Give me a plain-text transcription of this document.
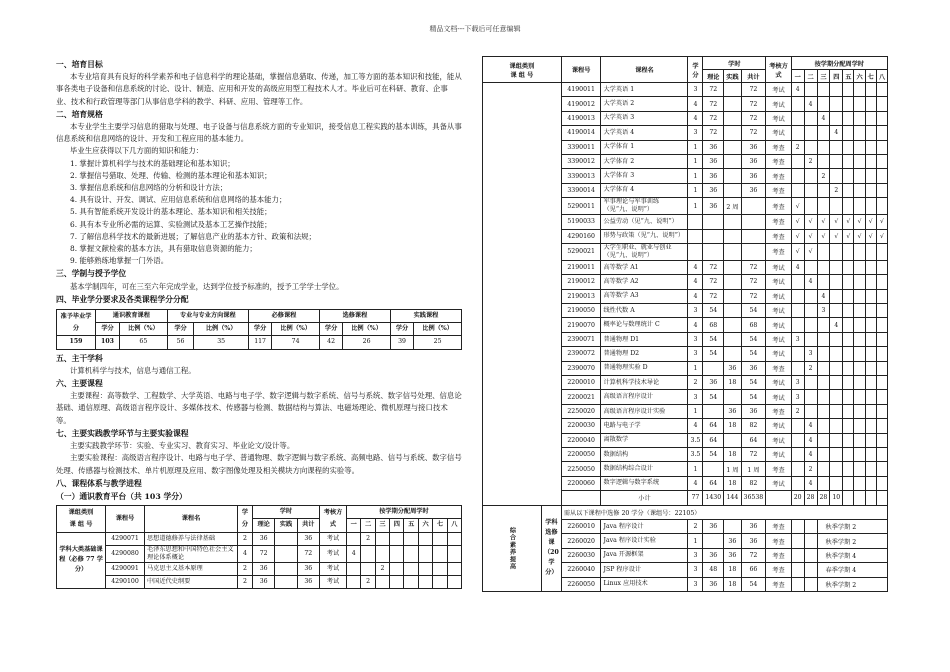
精品文档---下载后可任意编辑
一、培育目标

本专业培育具有良好的科学素养和电子信息科学的理论基础，掌握信息猎取、传递，加工等方面的基本知识和技能，能从事各类电子设备和信息系统的讨论、设计、制造、应用和开发的高级应用型工程技术人才。毕业后可在科研、教育、企事业、技术和行政管理等部门从事信息学科的教学、科研、应用、管理等工作。

二、培育规格

本专业学生主要学习信息的猎取与处理、电子设备与信息系统方面的专业知识，接受信息工程实践的基本训练，具备从事信息系统和信息网络的设计、开发和工程应用的基本能力。

毕业生应获得以下几方面的知识和能力：

1. 掌握计算机科学与技术的基础理论和基本知识；
2. 掌握信号猎取、处理、传输、检测的基本理论和基本知识；
3. 掌握信息系统和信息网络的分析和设计方法；
4. 具有设计、开发、调试、应用信息系统和信息网络的基本能力；
5. 具有智能系统开发设计的基本理论、基本知识和相关技能；
6. 具有本专业所必需的运算、实验测试及基本工艺操作技能；
7. 了解信息科学技术的最新进展；了解信息产业的基本方针、政策和法规；
8. 掌握文献检索的基本方法，具有猎取信息资源的能力；
9. 能够熟练地掌握一门外语。
三、学制与授予学位

基本学制四年，可在三至六年完成学业，达到学位授予标准的，授予工学学士学位。

四、毕业学分要求及各类课程学分分配
准予毕业学分	通识教育课程		专业与专业方向课程		必修课程		选修课程		实践课程	
	学分	比例（%）	学分	比例（%）	学分	比例（%）	学分	比例（%）	学分	比例（%）
159	103	65	56	35	117	74	42	26	39	25
五、主干学科

计算机科学与技术，信息与通信工程。

六、主要课程

主要课程：高等数学、工程数学、大学英语、电路与电子学、数字逻辑与数字系统、信号与系统、数字信号处理、信息论基础、通信原理、高级语言程序设计、多媒体技术、传感器与检测、数据结构与算法、电磁场理论、微机原理与接口技术等。

七、主要实践教学环节与主要实验课程

主要实践教学环节：实验、专业实习、教育实习、毕业论文/设计等。

主要实验课程：高级语言程序设计、电路与电子学、普通物理、数字逻辑与数字系统、高频电路、信号与系统、数字信号处理、传感器与检测技术、单片机原理及应用、数字图像处理及相关模块方向课程的实验等。

八、课程体系与教学进程
（一）通识教育平台（共 103 学分）
课组类别
课 组 号	课程号	课程名	学分	学时			考核方式	按学期分配周学时							
				理论	实践	共计		一	二	三	四	五	六	七	八
学科大类基础课程（必修 77 学分）	4290071	思想道德修养与法律基础	2	36		36	考试		2						
	4290080	毛泽东思想和中国特色社会主义理论体系概论	4	72		72	考试	4							
	4290091	马克思主义基本原理	2	36		36	考试			2					
	4290100	中国近代史纲要	2	36		36	考试		2						
课组类别
课 组 号		课程号	课程名	学分	学时			考核方式	按学期分配周学时							
					理论	实践	共计		一	二	三	四	五	六	七	八
		4190011	大学英语 1	3	72		72	考试	4							
		4190012	大学英语 2	4	72		72	考试		4						
		4190013	大学英语 3	4	72		72	考试			4					
		4190014	大学英语 4	3	72		72	考试				4				
		3390011	大学体育 1	1	36		36	考查	2							
		3390012	大学体育 2	1	36		36	考查		2						
		3390013	大学体育 3	1	36		36	考查			2					
		3390014	大学体育 4	1	36		36	考查				2				
		5290011	军事理论与军事训练（见“九、说明”）	1	36	2 周		考查	√							
		5190033	公益劳动（见“九、说明”）					考查	√	√	√	√	√	√	√	√
		4290160	形势与政策（见“九、说明”）					考查	√	√	√	√	√	√	√	√
		5290021	大学生职业、就业与创业（见“九、说明”）					考查	√	√						
		2190011	高等数学 A1	4	72		72	考试	4							
		2190012	高等数学 A2	4	72		72	考试		4						
		2190013	高等数学 A3	4	72		72	考试			4					
		2190050	线性代数 A	3	54		54	考试			3					
		2190070	概率论与数理统计 C	4	68		68	考试				4				
		2390071	普通物理 D1	3	54		54	考试	3							
		2390072	普通物理 D2	3	54		54	考试		3						
		2390070	普通物理实验 D	1		36	36	考查		2						
		2200010	计算机科学技术导论	2	36	18	54	考试	3							
		2200021	高级语言程序设计	3	54		54	考试	3							
		2250020	高级语言程序设计实验	1		36	36	考查	2							
		2200030	电路与电子学	4	64	18	82	考试		4						
		2200040	离散数学	3.5	64		64	考试		4						
		2200050	数据结构	3.5	54	18	72	考试		4						
		2250050	数据结构综合设计	1		1 周	1 周	考查		2						
		2200060	数字逻辑与数字系统	4	64	18	82	考试		4						
			小计	77	1430	144	36538		20	28	28	10				
综合素养提高	学科选修课（20 学分）	需从以下课程中选修 20 学分（课组号：22105）														
		2260010	Java 程序设计	2	36		36	考查			秋季学期 2					
		2260020	Java 程序设计实验	1		36	36	考查			秋季学期 2					
		2260030	Java 开源框架	3	36	36	72	考查			秋季学期 4					
		2260040	JSP 程序设计	3	48	18	66	考查			春季学期 4					
		2260050	Linux 应用技术	3	36	18	54	考查			秋季学期 2					
